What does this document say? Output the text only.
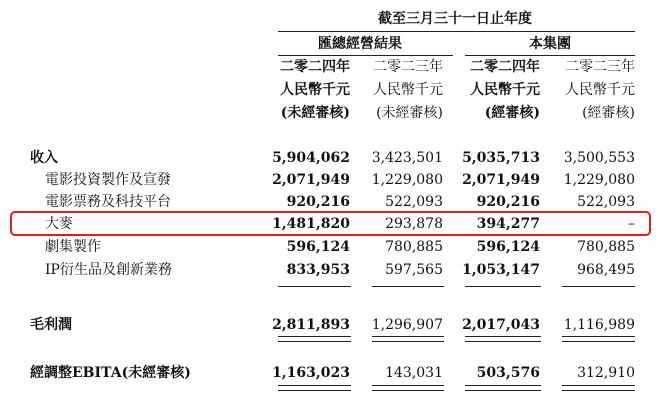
截至三月三十一日止年度
匯總經營結果	本集團
二零二四年 二零二三年 二零二四年 二零二三年
人民幣千元 人民幣千元 人民幣千元 人民幣千元
(未經審核) (未經審核)	(經審核)	(經審核)
收入	5,904,062 3,423,501 5,035,713 3,500,553
電影投資製作及宣發	2,071,949 1,229,080 2,071,949 1,229,080
電影票務及科技平台	920,216	522,093 920,216	522,093
大麥	1,481,820	293,878 394,277	–
劇集製作	596,124	780,885 596,124	780,885
IP衍生品及創新業務	833,953	597,565 1,053,147	968,495
毛利潤	2,811,893 1,296,907 2,017,043 1,116,989
經調整EBITA(未經審核)	1,163,023	143,031 503,576	312,910
